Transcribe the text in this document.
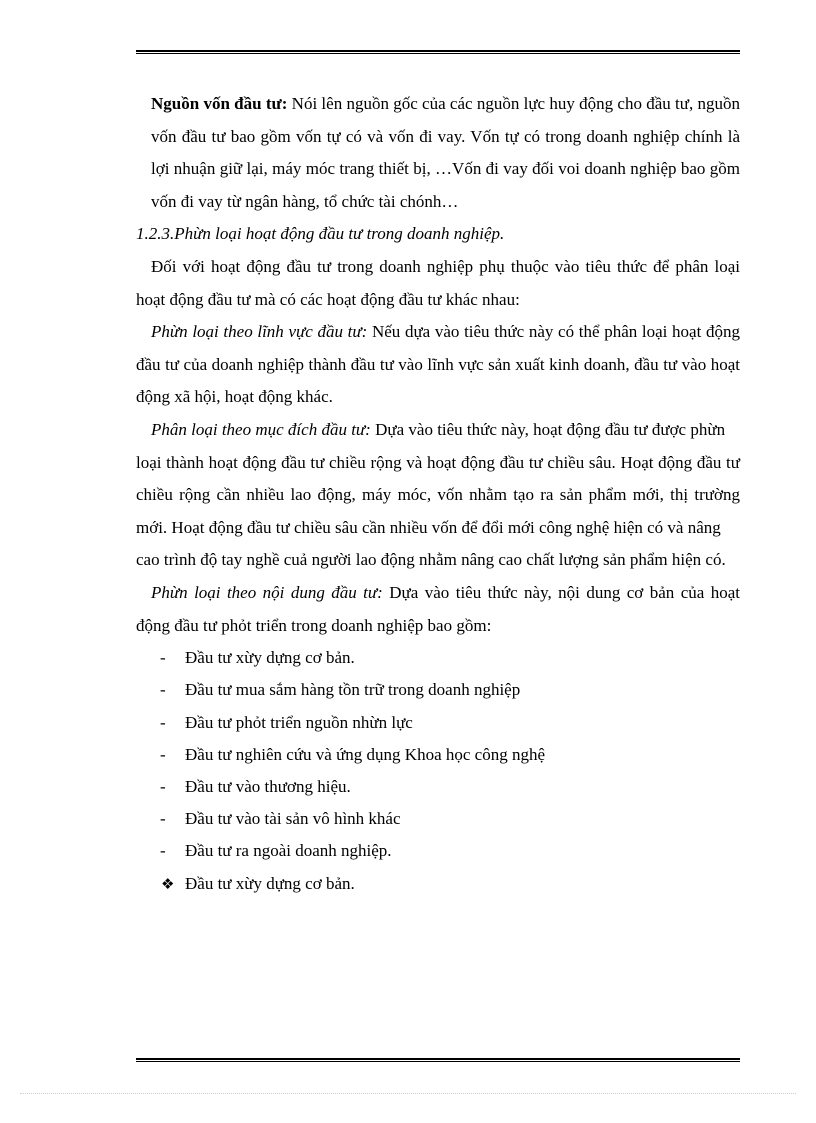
Nguồn vốn đầu tư: Nói lên nguồn gốc của các nguồn lực huy động cho đầu tư, nguồn vốn đầu tư bao gồm vốn tự có và vốn đi vay. Vốn tự có trong doanh nghiệp chính là lợi nhuận giữ lại, máy móc trang thiết bị, …Vốn đi vay đối voi doanh nghiệp bao gồm vốn đi vay từ ngân hàng, tổ chức tài chónh…

1.2.3.Phừn loại hoạt động đầu tư trong doanh nghiệp.

Đối với hoạt động đầu tư trong doanh nghiệp phụ thuộc vào tiêu thức để phân loại hoạt động đầu tư mà có các hoạt động đầu tư khác nhau:

Phừn loại theo lĩnh vực đầu tư: Nếu dựa vào tiêu thức này có thể phân loại hoạt động đầu tư của doanh nghiệp thành đầu tư vào lĩnh vực sản xuất kinh doanh, đầu tư vào hoạt động xã hội, hoạt động khác.

Phân loại theo mục đích đầu tư: Dựa vào tiêu thức này, hoạt động đầu tư được phừn

loại thành hoạt động đầu tư chiều rộng và hoạt động đầu tư chiều sâu. Hoạt động đầu tư chiều rộng cần nhiều lao động, máy móc, vốn nhằm tạo ra sản phẩm mới, thị trường mới. Hoạt động đầu tư chiều sâu cần nhiều vốn để đổi mới công nghệ hiện có và nâng

cao trình độ tay nghề cuả người lao động nhằm nâng cao chất lượng sản phẩm hiện có.

Phừn loại theo nội dung đầu tư: Dựa vào tiêu thức này, nội dung cơ bản của hoạt động đầu tư phỏt triển trong doanh nghiệp bao gồm:

- Đầu tư xừy dựng cơ bản.
- Đầu tư mua sắm hàng tồn trữ trong doanh nghiệp
- Đầu tư phỏt triển nguồn nhừn lực
- Đầu tư nghiên cứu và ứng dụng Khoa học công nghệ
- Đầu tư vào thương hiệu.
- Đầu tư vào tài sản vô hình khác
- Đầu tư ra ngoài doanh nghiệp.
❖ Đầu tư xừy dựng cơ bản.
